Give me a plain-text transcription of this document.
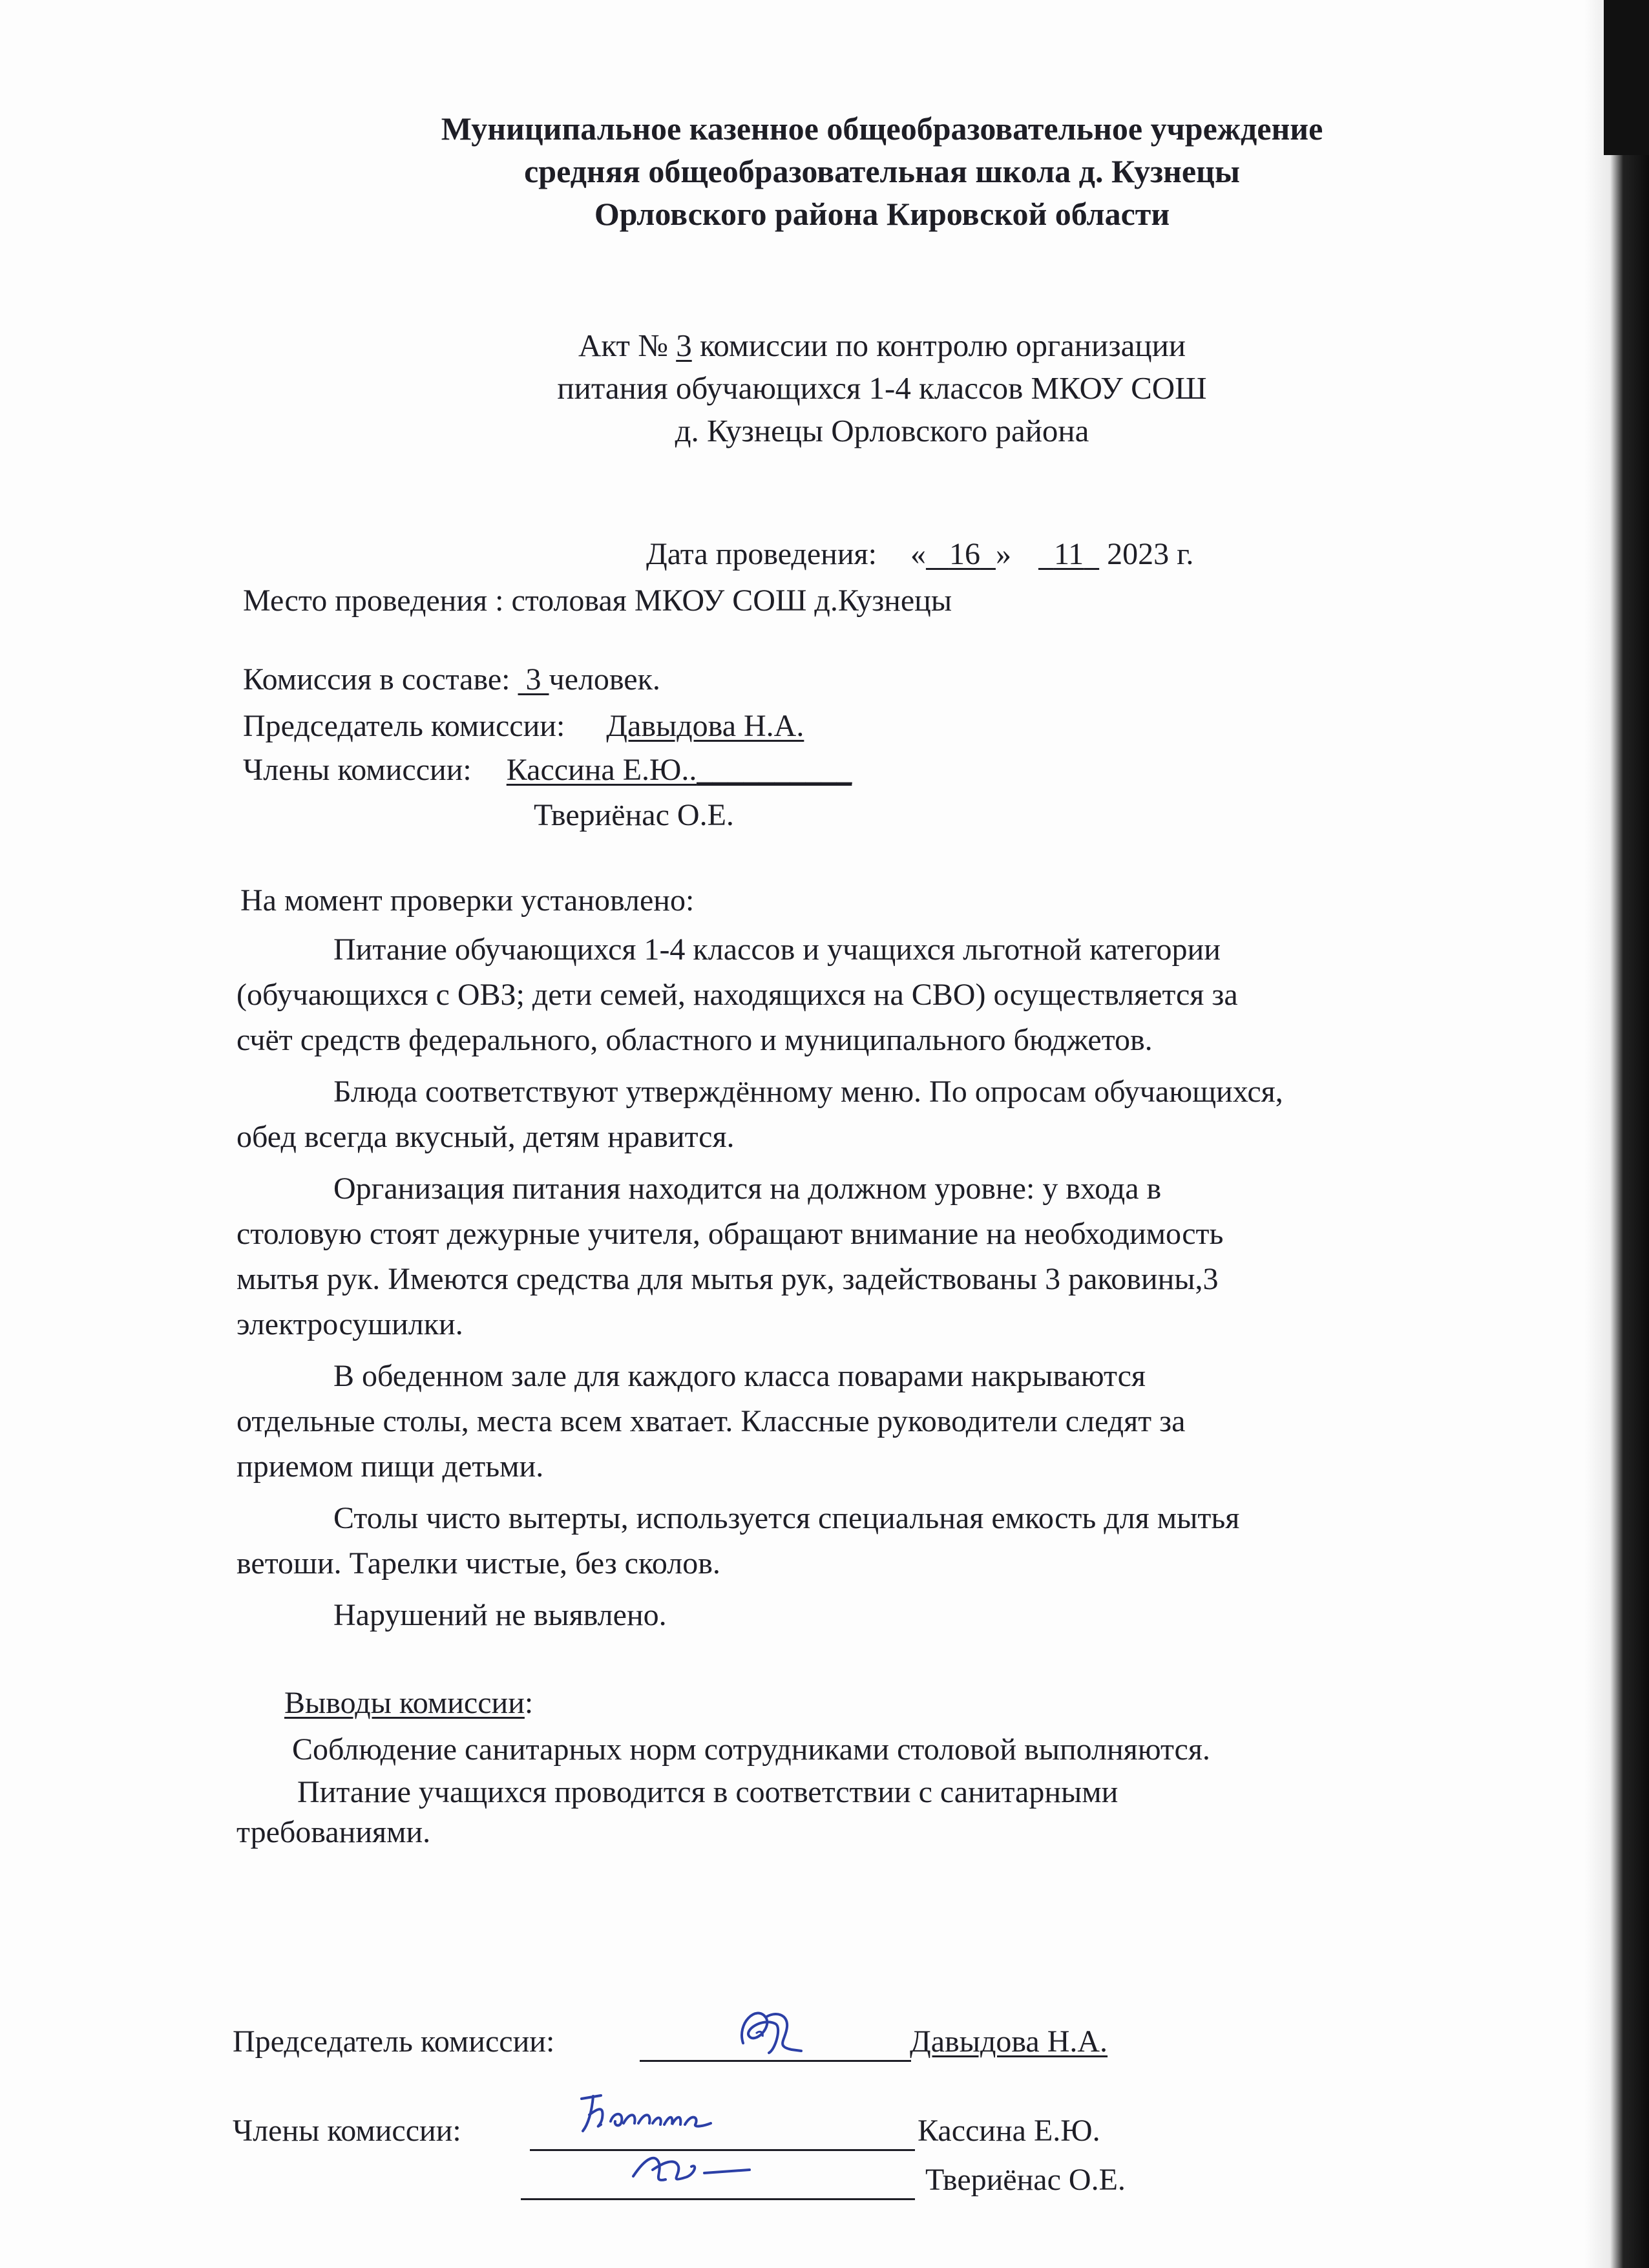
Муниципальное казенное общеобразовательное учреждение
средняя общеобразовательная школа д. Кузнецы
Орловского района Кировской области
Акт № 3 комиссии по контролю организации
питания обучающихся 1-4 классов МКОУ СОШ
д. Кузнецы Орловского района
Дата проведения: « 16 » 11 2023 г.
Место проведения : столовая МКОУ СОШ д.Кузнецы
Комиссия в составе: 3 человек.
Председатель комиссии: Давыдова Н.А.
Члены комиссии: Кассина Е.Ю..__________
Твериёнас О.Е.
На момент проверки установлено:
Питание обучающихся 1-4 классов и учащихся льготной категории
(обучающихся с ОВЗ; дети семей, находящихся на СВО) осуществляется за
счёт средств федерального, областного и муниципального бюджетов.
Блюда соответствуют утверждённому меню. По опросам обучающихся,
обед всегда вкусный, детям нравится.
Организация питания находится на должном уровне: у входа в
столовую стоят дежурные учителя, обращают внимание на необходимость
мытья рук. Имеются средства для мытья рук, задействованы 3 раковины,3
электросушилки.
В обеденном зале для каждого класса поварами накрываются
отдельные столы, места всем хватает. Классные руководители следят за
приемом пищи детьми.
Столы чисто вытерты, используется специальная емкость для мытья
ветоши. Тарелки чистые, без сколов.
Нарушений не выявлено.
Выводы комиссии:
Соблюдение санитарных норм сотрудниками столовой выполняются.
Питание учащихся проводится в соответствии с санитарными
требованиями.
Председатель комиссии:	Давыдова Н.А.
Члены комиссии:	Кассина Е.Ю.
Твериёнас О.Е.
